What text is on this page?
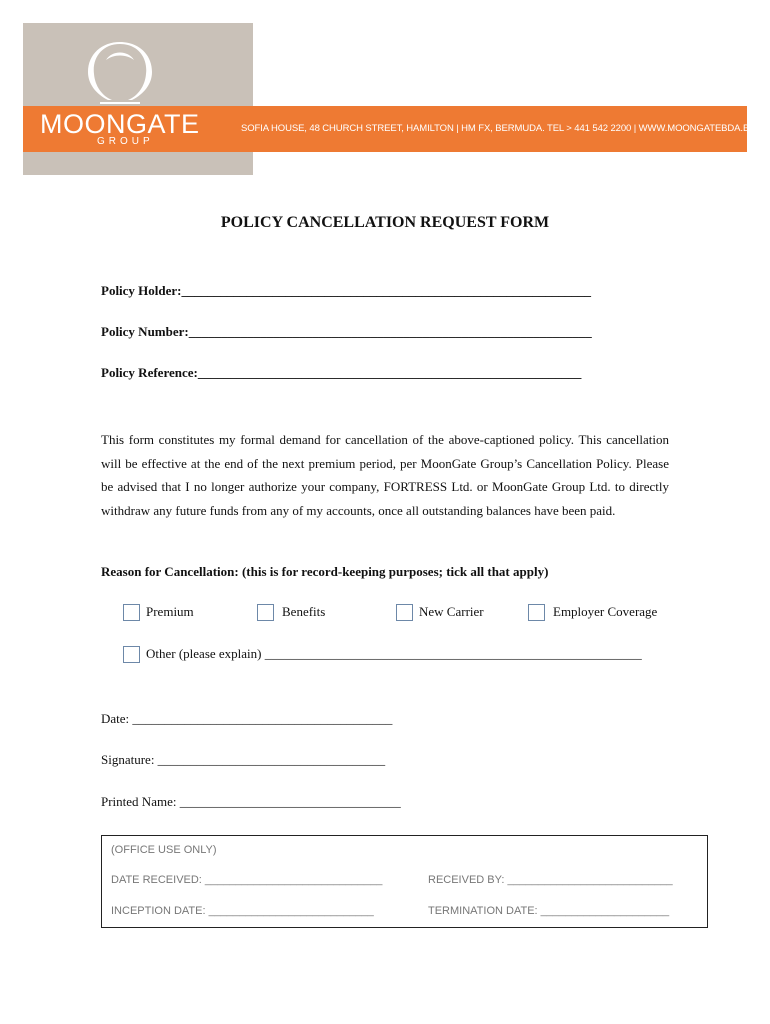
MOONGATE
GROUP
SOFIA HOUSE, 48 CHURCH STREET, HAMILTON | HM FX, BERMUDA. TEL > 441 542 2200 | WWW.MOONGATEBDA.BM
POLICY CANCELLATION REQUEST FORM
Policy Holder:_______________________________________________________________
Policy Number:______________________________________________________________
Policy Reference:___________________________________________________________
This form constitutes my formal demand for cancellation of the above-captioned policy. This cancellation will be effective at the end of the next premium period, per MoonGate Group’s Cancellation Policy. Please be advised that I no longer authorize your company, FORTRESS Ltd. or MoonGate Group Ltd. to directly withdraw any future funds from any of my accounts, once all outstanding balances have been paid.
Reason for Cancellation: (this is for record-keeping purposes; tick all that apply)
Premium	Benefits	New Carrier	Employer Coverage
Other (please explain) __________________________________________________________
Date: ________________________________________
Signature: ___________________________________
Printed Name: __________________________________
(OFFICE USE ONLY)
DATE RECEIVED: _____________________________	RECEIVED BY: ___________________________
INCEPTION DATE: ___________________________	TERMINATION DATE: _____________________
